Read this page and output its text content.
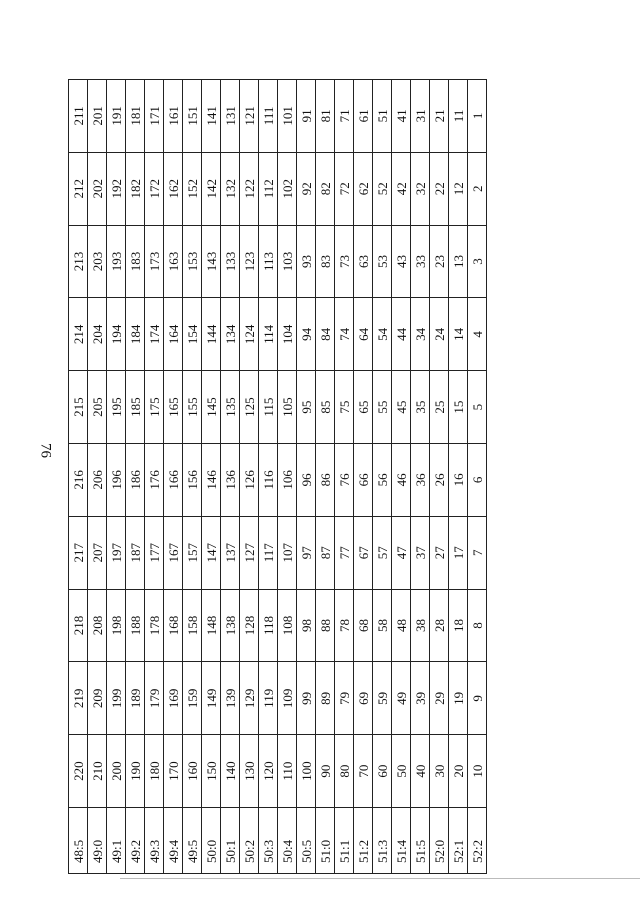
76
48:5	220	219	218	217	216	215	214	213	212	211
49:0	210	209	208	207	206	205	204	203	202	201
49:1	200	199	198	197	196	195	194	193	192	191
49:2	190	189	188	187	186	185	184	183	182	181
49:3	180	179	178	177	176	175	174	173	172	171
49:4	170	169	168	167	166	165	164	163	162	161
49:5	160	159	158	157	156	155	154	153	152	151
50:0	150	149	148	147	146	145	144	143	142	141
50:1	140	139	138	137	136	135	134	133	132	131
50:2	130	129	128	127	126	125	124	123	122	121
50:3	120	119	118	117	116	115	114	113	112	111
50:4	110	109	108	107	106	105	104	103	102	101
50:5	100	99	98	97	96	95	94	93	92	91
51:0	90	89	88	87	86	85	84	83	82	81
51:1	80	79	78	77	76	75	74	73	72	71
51:2	70	69	68	67	66	65	64	63	62	61
51:3	60	59	58	57	56	55	54	53	52	51
51:4	50	49	48	47	46	45	44	43	42	41
51:5	40	39	38	37	36	35	34	33	32	31
52:0	30	29	28	27	26	25	24	23	22	21
52:1	20	19	18	17	16	15	14	13	12	11
52:2	10	9	8	7	6	5	4	3	2	1
